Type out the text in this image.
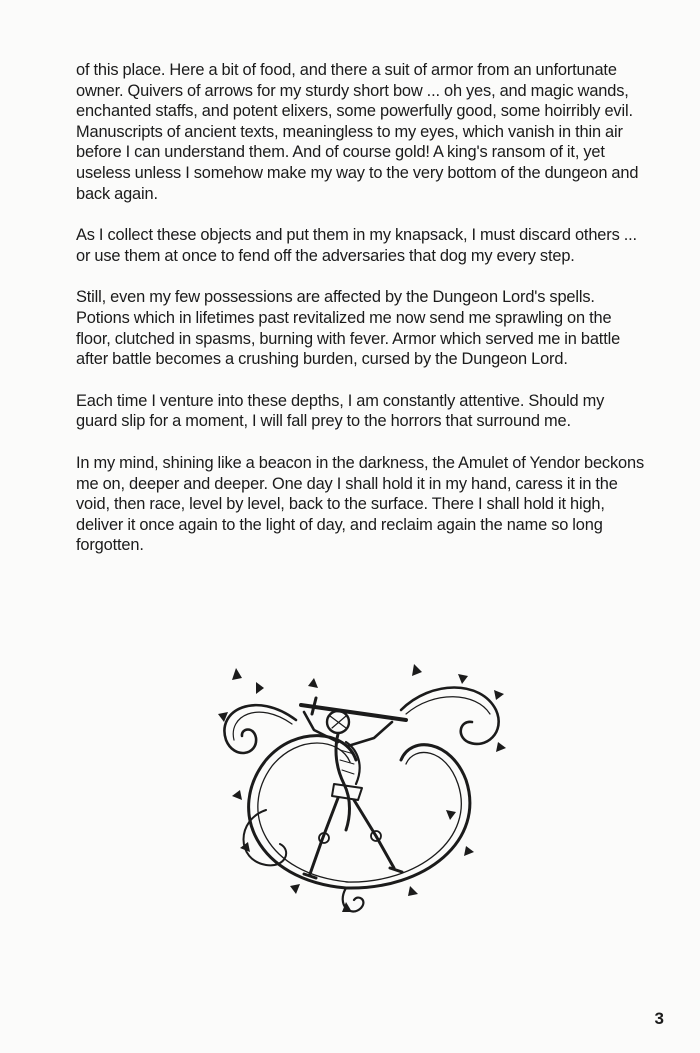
of this place. Here a bit of food, and there a suit of armor from an unfortunate owner. Quivers of arrows for my sturdy short bow ... oh yes, and magic wands, enchanted staffs, and potent elixers, some powerfully good, some hoirribly evil. Manuscripts of ancient texts, meaningless to my eyes, which vanish in thin air before I can understand them. And of course gold! A king's ransom of it, yet useless unless I somehow make my way to the very bottom of the dungeon and back again.

As I collect these objects and put them in my knapsack, I must discard others ... or use them at once to fend off the adversaries that dog my every step.

Still, even my few possessions are affected by the Dungeon Lord's spells. Potions which in lifetimes past revitalized me now send me sprawling on the floor, clutched in spasms, burning with fever. Armor which served me in battle after battle becomes a crushing burden, cursed by the Dungeon Lord.

Each time I venture into these depths, I am constantly attentive. Should my guard slip for a moment, I will fall prey to the horrors that surround me.

In my mind, shining like a beacon in the darkness, the Amulet of Yendor beckons me on, deeper and deeper. One day I shall hold it in my hand, caress it in the void, then race, level by level, back to the surface. There I shall hold it high, deliver it once again to the light of day, and reclaim again the name so long forgotten.

3
